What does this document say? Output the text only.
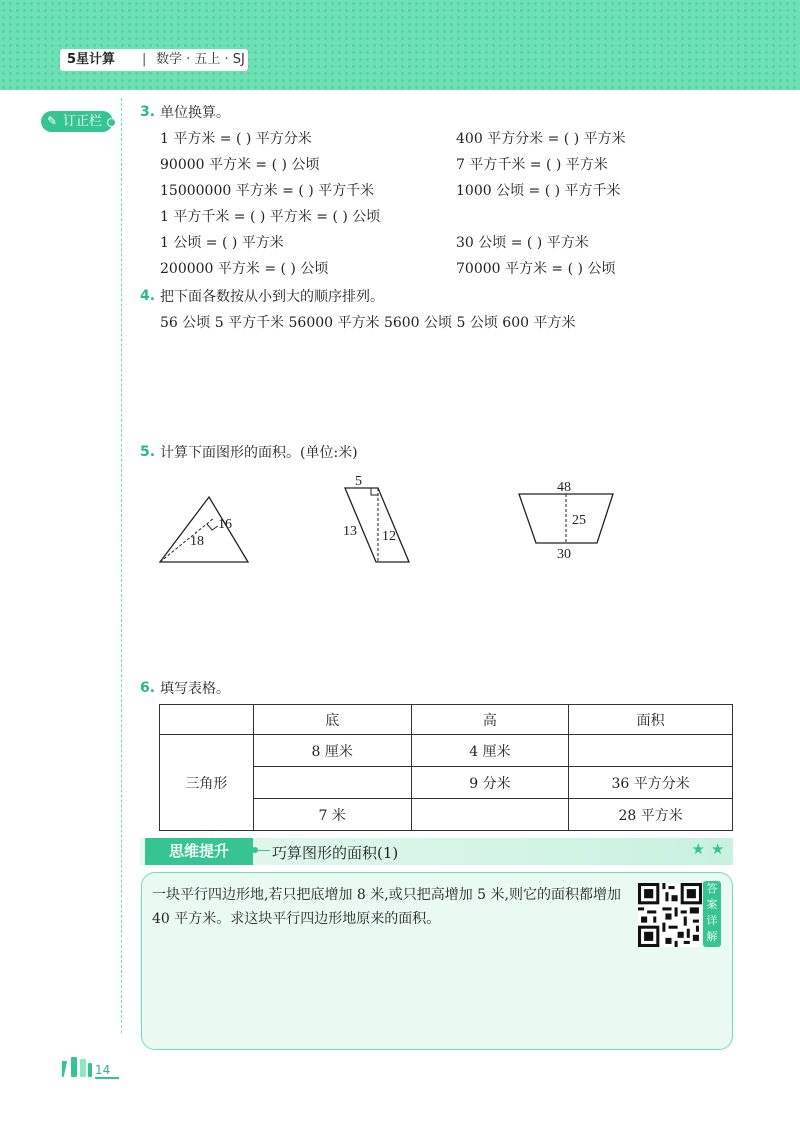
5星计算 | 数学 · 五上 · SJ
✎ 订正栏
3. 单位换算。
1 平方米 = ( ) 平方分米	400 平方分米 = ( ) 平方米
90000 平方米 = ( ) 公顷	7 平方千米 = ( ) 平方米
15000000 平方米 = ( ) 平方千米	1000 公顷 = ( ) 平方千米
1 平方千米 = ( ) 平方米 = ( ) 公顷
1 公顷 = ( ) 平方米	30 公顷 = ( ) 平方米
200000 平方米 = ( ) 公顷	70000 平方米 = ( ) 公顷
4. 把下面各数按从小到大的顺序排列。
56 公顷 5 平方千米 56000 平方米 5600 公顷 5 公顷 600 平方米
5. 计算下面图形的面积。(单位:米)
16
18
5
13 12
48
25
30
6. 填写表格。
	底	高	面积
三角形	8 厘米	4 厘米	
		9 分米	36 平方分米
	7 米		28 平方米
思维提升	巧算图形的面积(1)	★★★
一块平行四边形地,若只把底增加 8 米,或只把高增加 5 米,则它的面积都增加 40 平方米。求这块平行四边形地原来的面积。
答案详解
14
